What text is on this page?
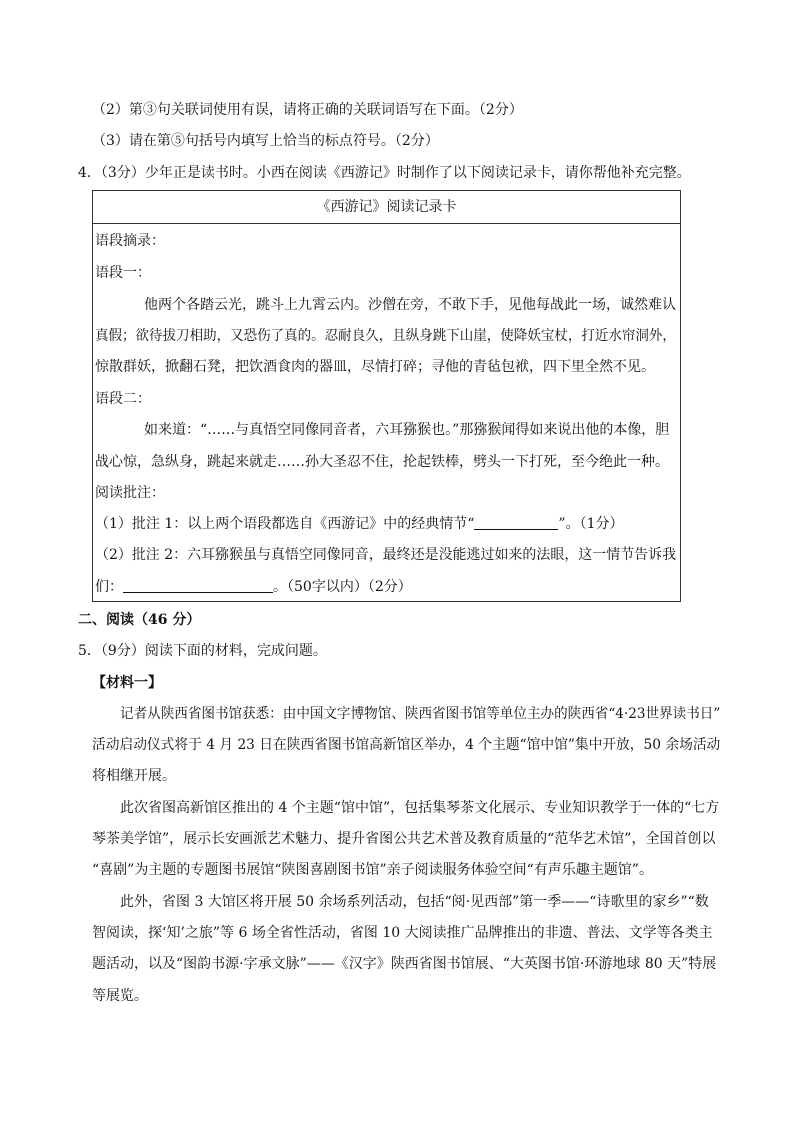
（2）第③句关联词使用有误，请将正确的关联词语写在下面。（2分）
（3）请在第⑤句括号内填写上恰当的标点符号。（2分）
4．（3分）少年正是读书时。小西在阅读《西游记》时制作了以下阅读记录卡，请你帮他补充完整。
《西游记》阅读记录卡
语段摘录：
语段一：
他两个各踏云光，跳斗上九霄云内。沙僧在旁，不敢下手，见他每战此一场，诚然难认
真假；欲待拔刀相助，又恐伤了真的。忍耐良久，且纵身跳下山崖，使降妖宝杖，打近水帘洞外，
惊散群妖，掀翻石凳，把饮酒食肉的器皿，尽情打碎；寻他的青毡包袱，四下里全然不见。
语段二：
如来道：“……与真悟空同像同音者，六耳猕猴也。”那猕猴闻得如来说出他的本像，胆
战心惊，急纵身，跳起来就走……孙大圣忍不住，抡起铁棒，劈头一下打死，至今绝此一种。
阅读批注：
（1）批注 1：以上两个语段都选自《西游记》中的经典情节“	”。（1分）
（2）批注 2：六耳猕猴虽与真悟空同像同音，最终还是没能逃过如来的法眼，这一情节告诉我
们：	。（50字以内）（2分）
二、阅读（46 分）
5．（9分）阅读下面的材料，完成问题。
【材料一】
记者从陕西省图书馆获悉：由中国文字博物馆、陕西省图书馆等单位主办的陕西省“4·23世界读书日”
活动启动仪式将于 4 月 23 日在陕西省图书馆高新馆区举办，4 个主题“馆中馆”集中开放，50 余场活动
将相继开展。
此次省图高新馆区推出的 4 个主题“馆中馆”，包括集琴茶文化展示、专业知识教学于一体的“七方
琴茶美学馆”，展示长安画派艺术魅力、提升省图公共艺术普及教育质量的“范华艺术馆”，全国首创以
“喜剧”为主题的专题图书展馆“陕图喜剧图书馆”亲子阅读服务体验空间“有声乐趣主题馆”。
此外，省图 3 大馆区将开展 50 余场系列活动，包括“阅·见西部”第一季——“诗歌里的家乡”“数
智阅读，探‘知’之旅”等 6 场全省性活动，省图 10 大阅读推广品牌推出的非遗、普法、文学等各类主
题活动，以及“图韵书源·字承文脉”——《汉字》陕西省图书馆展、“大英图书馆·环游地球 80 天”特展
等展览。
